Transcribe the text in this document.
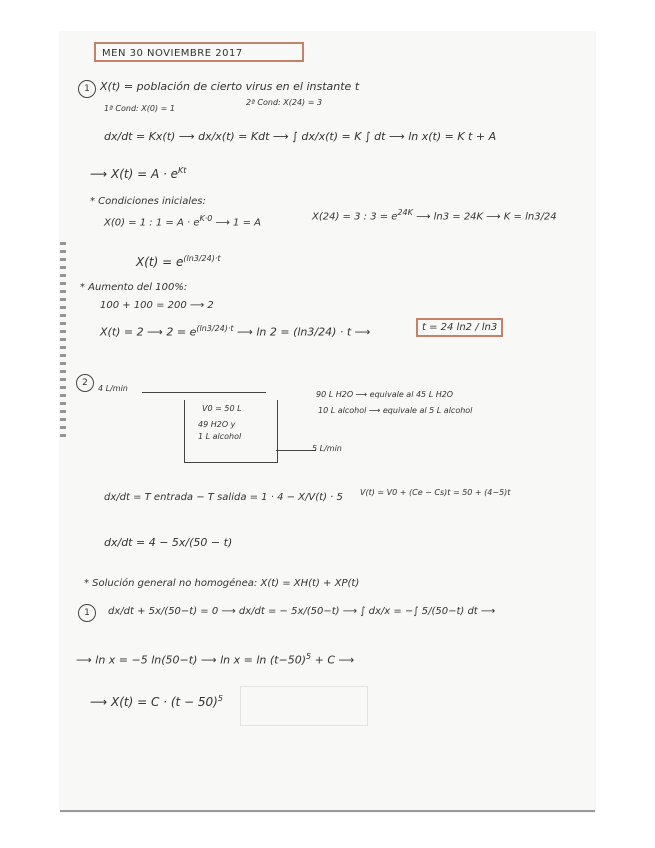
MEN 30 NOVIEMBRE 2017
1 X(t) = población de cierto virus en el instante t
1ª Cond: X(0) = 1
2ª Cond: X(24) = 3
dx/dt = Kx(t) ⟶ dx/x(t) = Kdt ⟶ ∫ dx/x(t) = K ∫ dt ⟶ ln x(t) = K t + A
⟶ $X(t) = A \cdot e^{Kt}$
* Condiciones iniciales:
X(0) = 1 : $1 = A \cdot e^{K\cdot 0}$ ⟶ 1 = A
X(24) = 3 : $3 = e^{24K}$ ⟶ ln3 = 24K ⟶ K = ln3/24
$X(t) = e^{(ln3/24)\cdot t}$
* Aumento del 100%:
100 + 100 = 200 ⟶ 2
X(t) = 2 ⟶ $2 = e^{(ln3/24)\cdot t}$ ⟶ ln 2 = (ln3/24) · t ⟶	t = 24 ln2 / ln3
2
4 L/min
V0 = 50 L
49 H2O y
1 L alcohol
5 L/min
90 L H2O ⟶ equivale al 45 L H2O
10 L alcohol ⟶ equivale al 5 L alcohol
dx/dt = T entrada − T salida = 1 · 4 − X/V(t) · 5 V(t) = V0 + (Ce − Cs)t = 50 + (4−5)t
dx/dt = 4 − 5x/(50 − t)
* Solución general no homogénea: X(t) = XH(t) + XP(t)
1	dx/dt + 5x/(50−t) = 0 ⟶ dx/dt = − 5x/(50−t) ⟶ ∫ dx/x = −∫ 5/(50−t) dt ⟶
⟶ ln x = −5 ln(50−t) ⟶ $\ln x = \ln (t-50)^5 + C$ ⟶
⟶ $X(t) = C \cdot (t - 50)^5$
